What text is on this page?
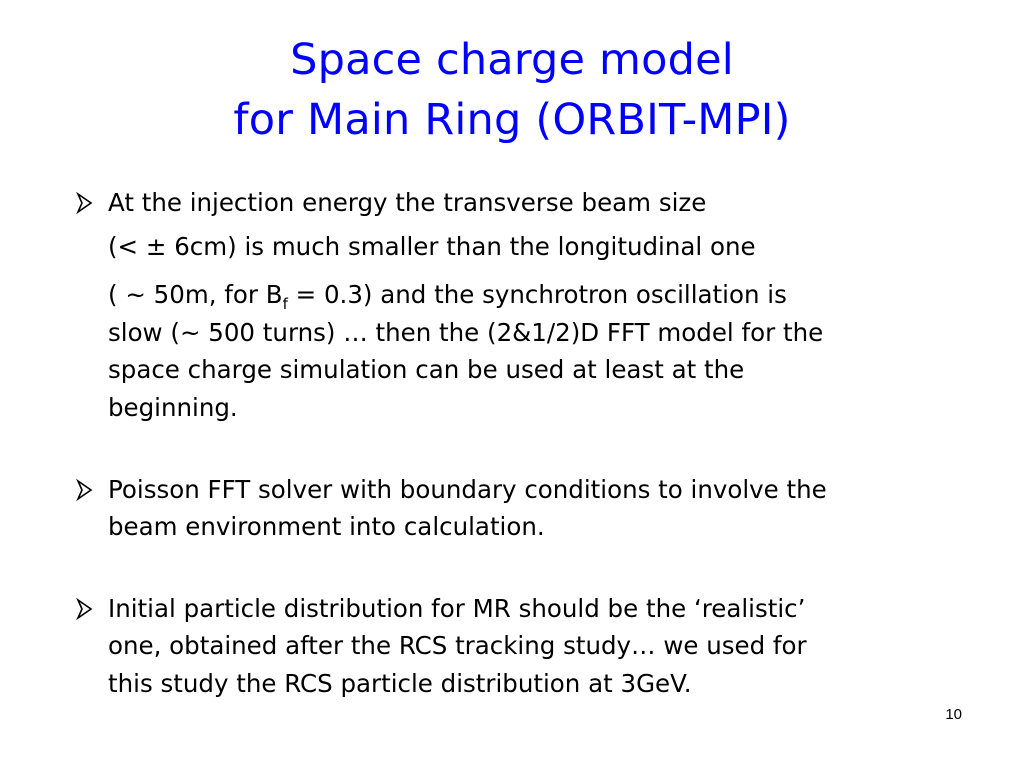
Space charge model
for Main Ring (ORBIT-MPI)
At the injection energy the transverse beam size
(< ± 6cm) is much smaller than the longitudinal one
( ~ 50m, for $B_f = 0.3$) and the synchrotron oscillation is
slow (~ 500 turns) … then the (2&1/2)D FFT model for the
space charge simulation can be used at least at the
beginning.
Poisson FFT solver with boundary conditions to involve the
beam environment into calculation.
Initial particle distribution for MR should be the ‘realistic’
one, obtained after the RCS tracking study… we used for
this study the RCS particle distribution at 3GeV.
10
